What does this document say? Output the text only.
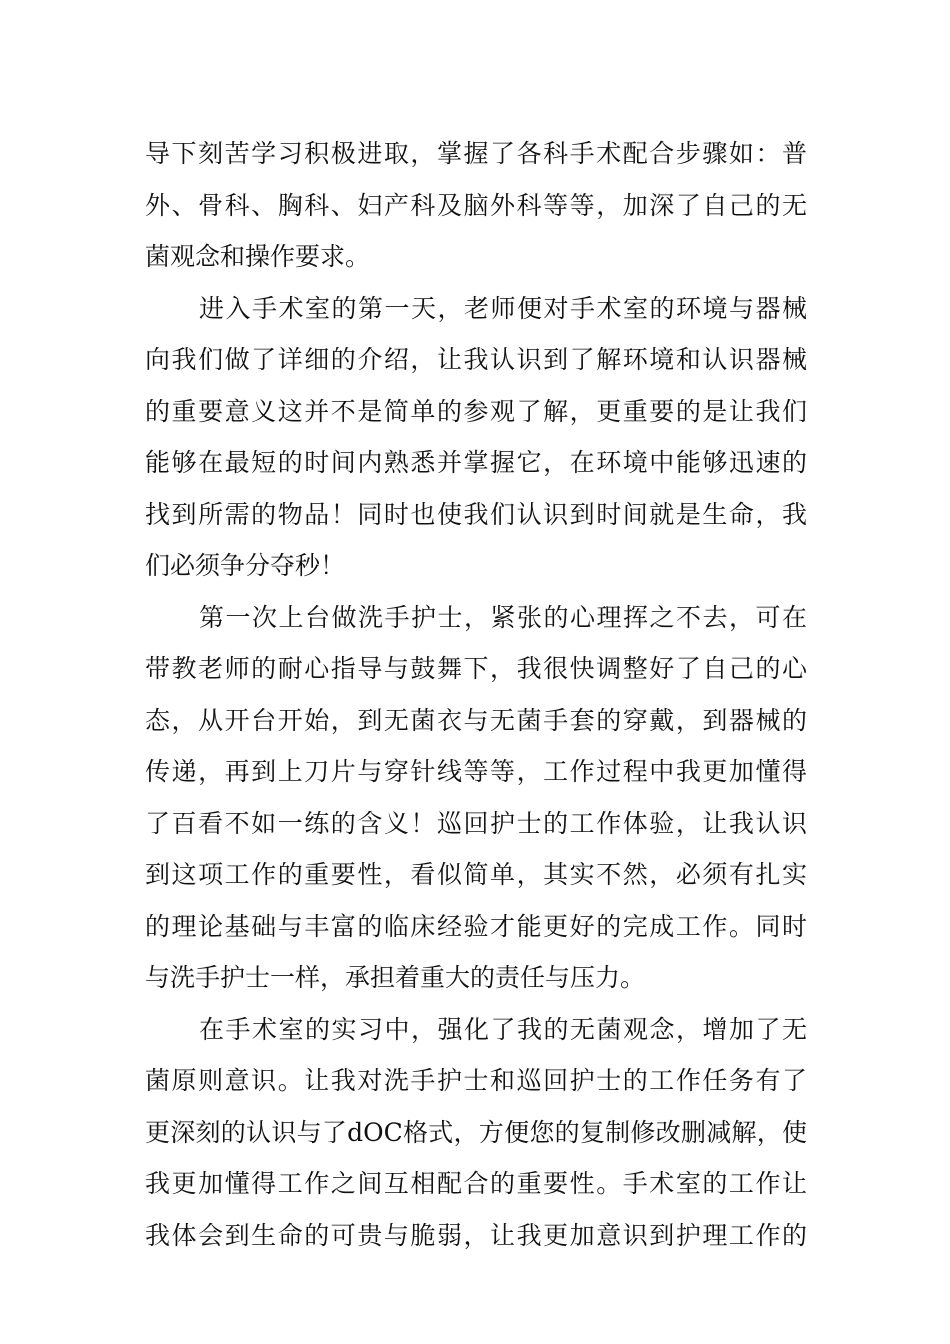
导下刻苦学习积极进取，掌握了各科手术配合步骤如：普
外、骨科、胸科、妇产科及脑外科等等，加深了自己的无
菌观念和操作要求。
进入手术室的第一天，老师便对手术室的环境与器械
向我们做了详细的介绍，让我认识到了解环境和认识器械
的重要意义这并不是简单的参观了解，更重要的是让我们
能够在最短的时间内熟悉并掌握它，在环境中能够迅速的
找到所需的物品！同时也使我们认识到时间就是生命，我
们必须争分夺秒！
第一次上台做洗手护士，紧张的心理挥之不去，可在
带教老师的耐心指导与鼓舞下，我很快调整好了自己的心
态，从开台开始，到无菌衣与无菌手套的穿戴，到器械的
传递，再到上刀片与穿针线等等，工作过程中我更加懂得
了百看不如一练的含义！巡回护士的工作体验，让我认识
到这项工作的重要性，看似简单，其实不然，必须有扎实
的理论基础与丰富的临床经验才能更好的完成工作。同时
与洗手护士一样，承担着重大的责任与压力。
在手术室的实习中，强化了我的无菌观念，增加了无
菌原则意识。让我对洗手护士和巡回护士的工作任务有了
更深刻的认识与了dOC格式，方便您的复制修改删减解，使
我更加懂得工作之间互相配合的重要性。手术室的工作让
我体会到生命的可贵与脆弱，让我更加意识到护理工作的
